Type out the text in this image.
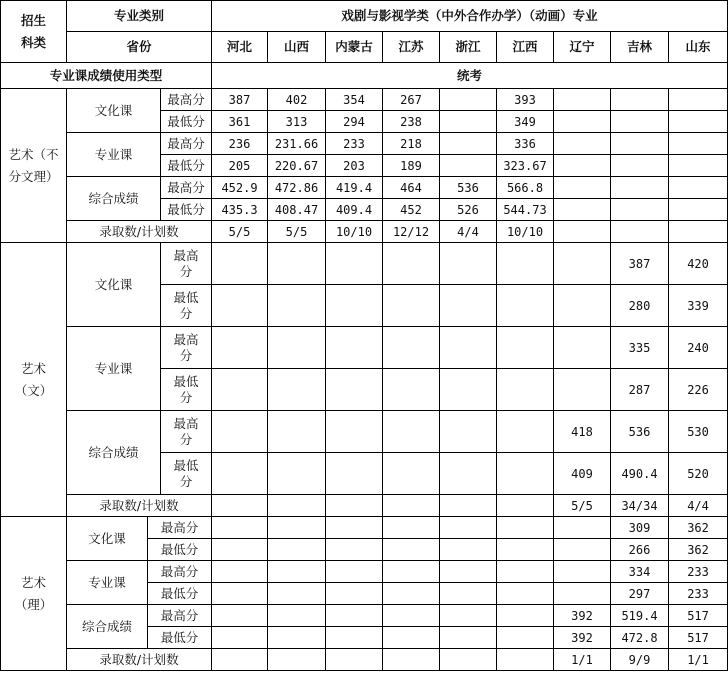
招生科类	专业类别			戏剧与影视学类（中外合作办学）（动画）专业								
	省份			河北	山西	内蒙古	江苏	浙江	江西	辽宁	吉林	山东
专业课成绩使用类型				统考								
艺术（不分文理）	文化课		最高分	387	402	354	267		393			
			最低分	361	313	294	238		349			
	专业课		最高分	236	231.66	233	218		336			
			最低分	205	220.67	203	189		323.67			
	综合成绩		最高分	452.9	472.86	419.4	464	536	566.8			
			最低分	435.3	408.47	409.4	452	526	544.73			
	录取数/计划数			5/5	5/5	10/10	12/12	4/4	10/10			
艺术（文）	文化课		最高
分								387	420
			最低
分								280	339
	专业课		最高
分								335	240
			最低
分								287	226
	综合成绩		最高
分							418	536	530
			最低
分							409	490.4	520
	录取数/计划数									5/5	34/34	4/4
艺术（理）	文化课	最高分									309	362
		最低分									266	362
	专业课	最高分									334	233
		最低分									297	233
	综合成绩	最高分								392	519.4	517
		最低分								392	472.8	517
	录取数/计划数									1/1	9/9	1/1
